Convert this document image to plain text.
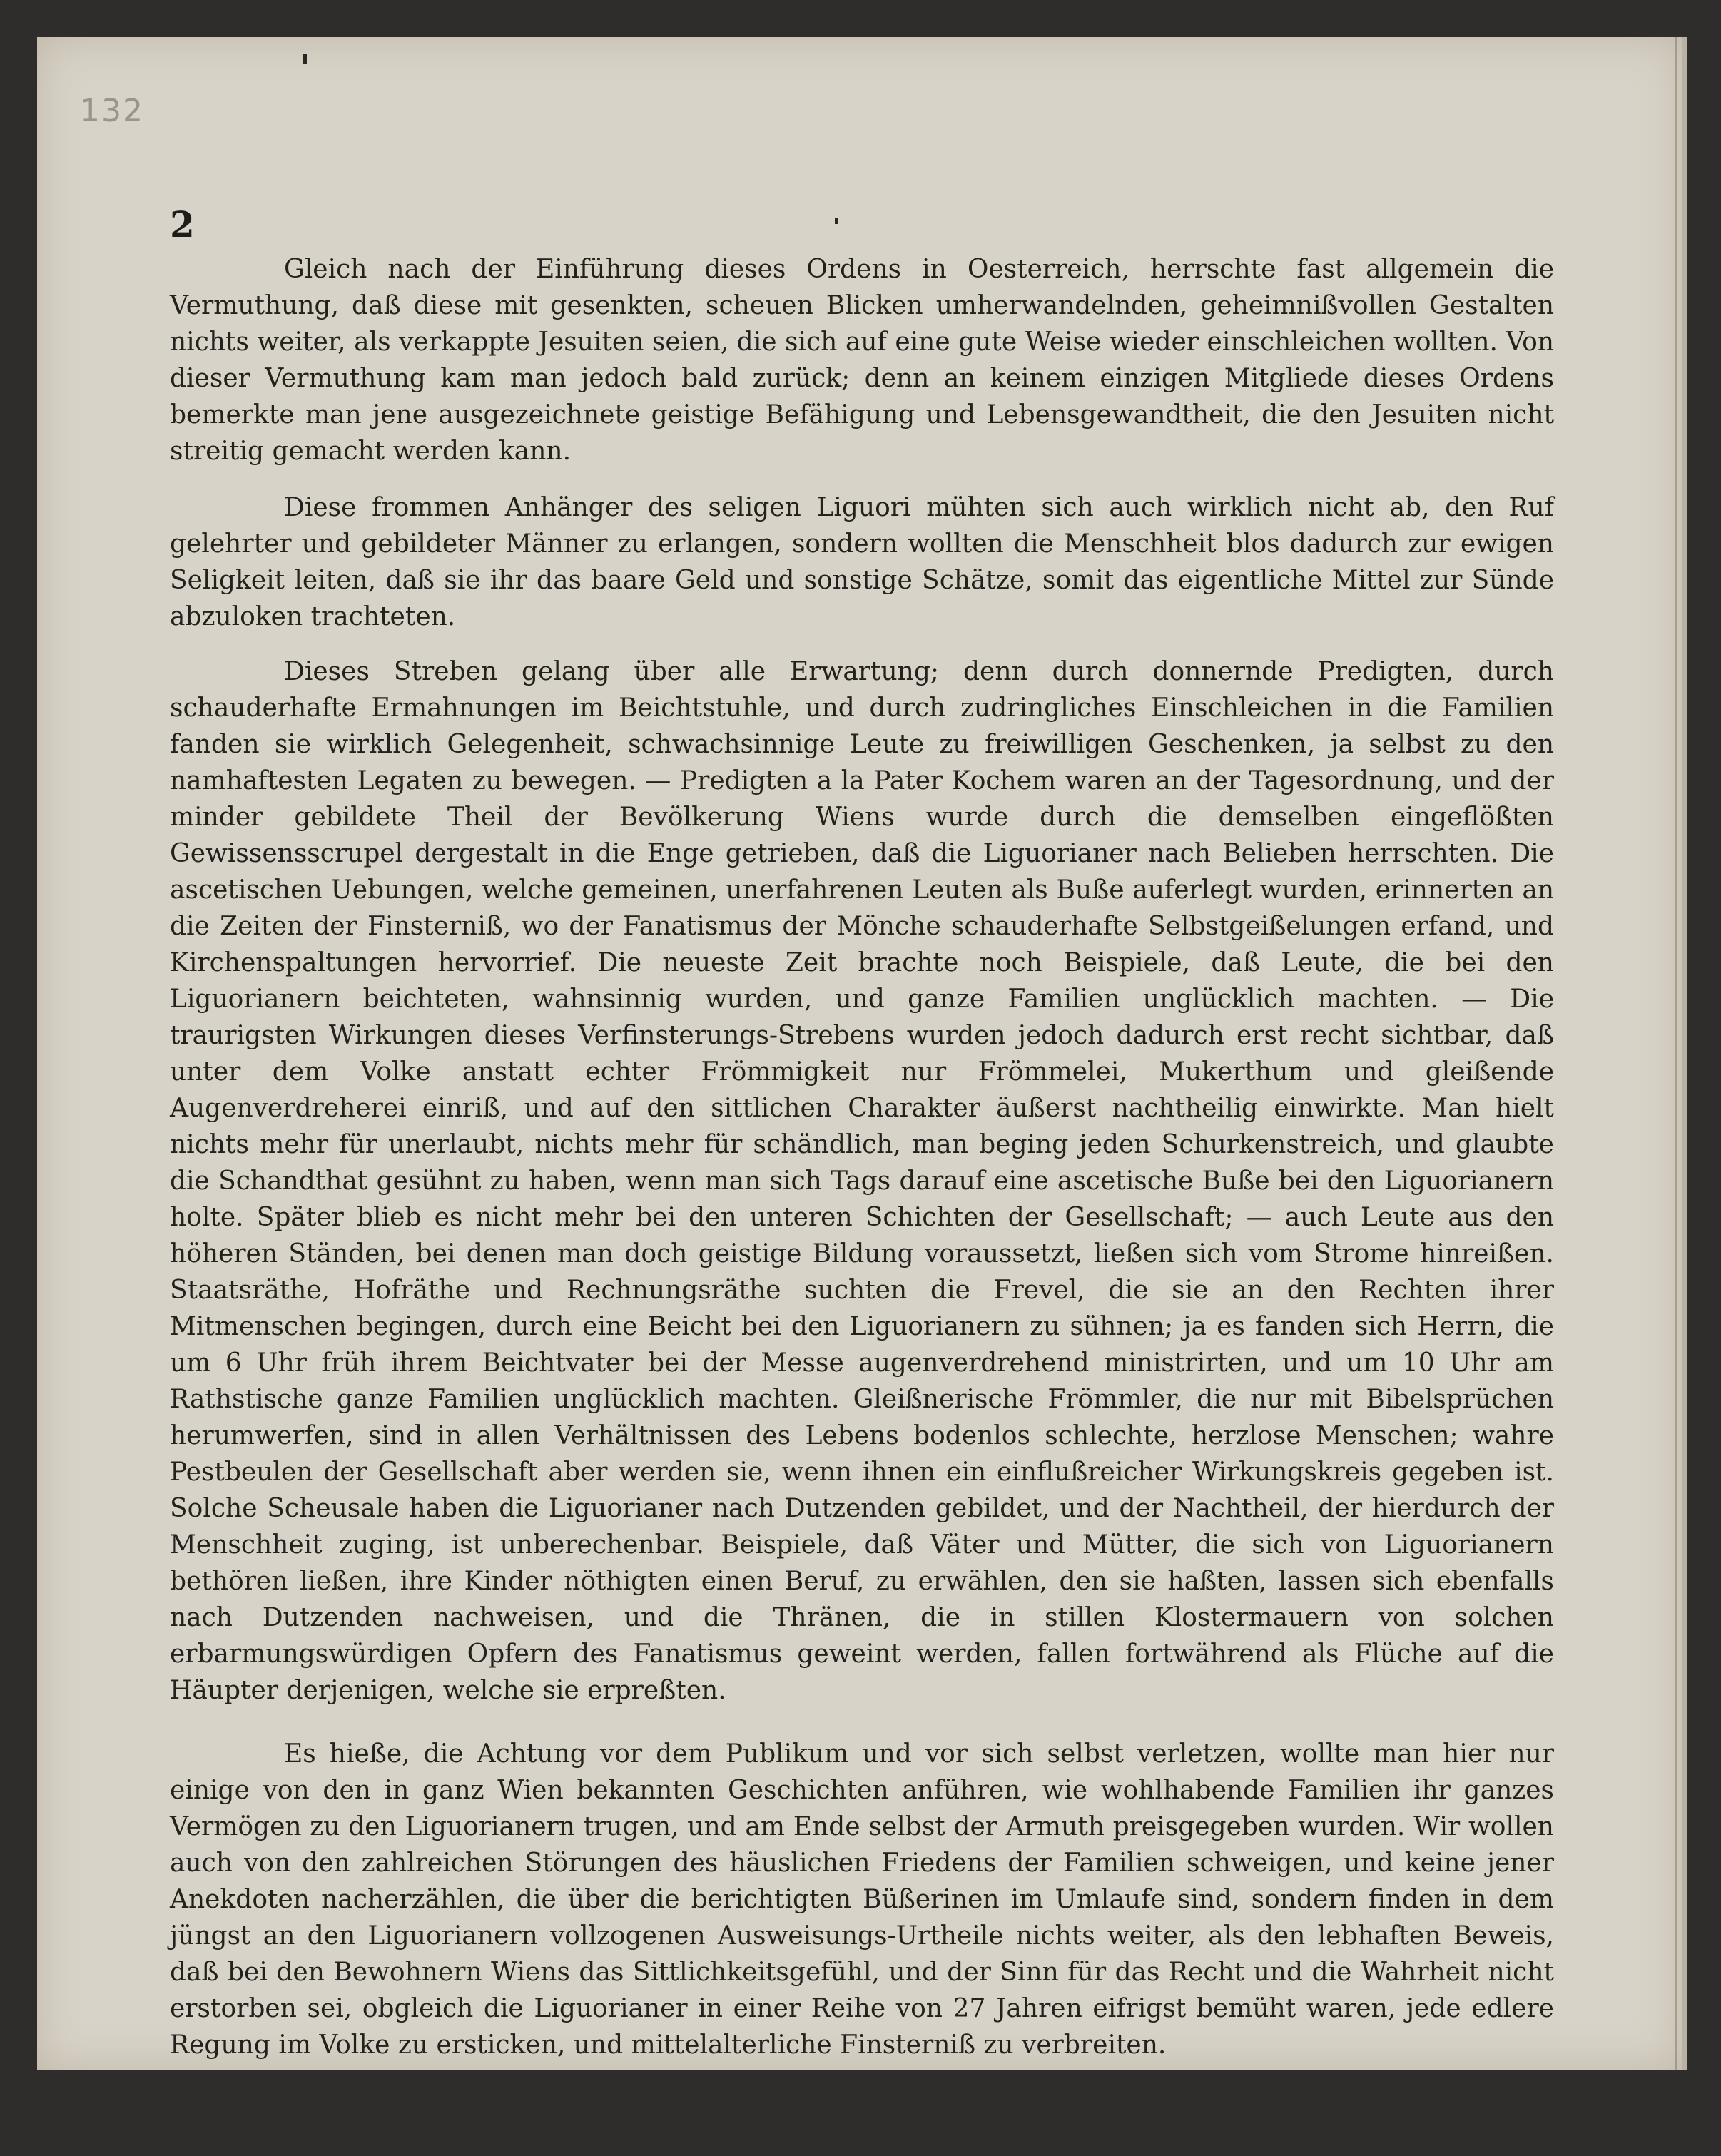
132
2

Gleich nach der Einführung dieses Ordens in Oesterreich, herrschte fast allgemein die Vermuthung, daß diese mit gesenkten, scheuen Blicken umherwandelnden, geheimnißvollen Gestalten nichts weiter, als verkappte Jesuiten seien, die sich auf eine gute Weise wieder einschleichen wollten. Von dieser Vermuthung kam man jedoch bald zurück; denn an keinem einzigen Mitgliede dieses Ordens bemerkte man jene ausgezeichnete geistige Befähigung und Lebensgewandtheit, die den Jesuiten nicht streitig gemacht werden kann.

Diese frommen Anhänger des seligen Liguori mühten sich auch wirklich nicht ab, den Ruf gelehrter und gebildeter Männer zu erlangen, sondern wollten die Menschheit blos dadurch zur ewigen Seligkeit leiten, daß sie ihr das baare Geld und sonstige Schätze, somit das eigentliche Mittel zur Sünde abzuloken trachteten.

Dieses Streben gelang über alle Erwartung; denn durch donnernde Predigten, durch schauderhafte Ermahnungen im Beichtstuhle, und durch zudringliches Einschleichen in die Familien fanden sie wirklich Gelegenheit, schwachsinnige Leute zu freiwilligen Geschenken, ja selbst zu den namhaftesten Legaten zu bewegen. — Predigten a la Pater Kochem waren an der Tagesordnung, und der minder gebildete Theil der Bevölkerung Wiens wurde durch die demselben eingeflößten Gewissensscrupel dergestalt in die Enge getrieben, daß die Liguorianer nach Belieben herrschten. Die ascetischen Uebungen, welche gemeinen, unerfahrenen Leuten als Buße auferlegt wurden, erinnerten an die Zeiten der Finsterniß, wo der Fanatismus der Mönche schauderhafte Selbstgeißelungen erfand, und Kirchenspaltungen hervorrief. Die neueste Zeit brachte noch Beispiele, daß Leute, die bei den Liguorianern beichteten, wahnsinnig wurden, und ganze Familien unglücklich machten. — Die traurigsten Wirkungen dieses Verfinsterungs-Strebens wurden jedoch dadurch erst recht sichtbar, daß unter dem Volke anstatt echter Frömmigkeit nur Frömmelei, Mukerthum und gleißende Augenverdreherei einriß, und auf den sittlichen Charakter äußerst nachtheilig einwirkte. Man hielt nichts mehr für unerlaubt, nichts mehr für schändlich, man beging jeden Schurkenstreich, und glaubte die Schandthat gesühnt zu haben, wenn man sich Tags darauf eine ascetische Buße bei den Liguorianern holte. Später blieb es nicht mehr bei den unteren Schichten der Gesellschaft; — auch Leute aus den höheren Ständen, bei denen man doch geistige Bildung voraussetzt, ließen sich vom Strome hinreißen. Staatsräthe, Hofräthe und Rechnungsräthe suchten die Frevel, die sie an den Rechten ihrer Mitmenschen begingen, durch eine Beicht bei den Liguorianern zu sühnen; ja es fanden sich Herrn, die um 6 Uhr früh ihrem Beichtvater bei der Messe augenverdrehend ministrirten, und um 10 Uhr am Rathstische ganze Familien unglücklich machten. Gleißnerische Frömmler, die nur mit Bibelsprüchen herumwerfen, sind in allen Verhältnissen des Lebens bodenlos schlechte, herzlose Menschen; wahre Pestbeulen der Gesellschaft aber werden sie, wenn ihnen ein einflußreicher Wirkungskreis gegeben ist. Solche Scheusale haben die Liguorianer nach Dutzenden gebildet, und der Nachtheil, der hierdurch der Menschheit zuging, ist unberechenbar. Beispiele, daß Väter und Mütter, die sich von Liguorianern bethören ließen, ihre Kinder nöthigten einen Beruf, zu erwählen, den sie haßten, lassen sich ebenfalls nach Dutzenden nachweisen, und die Thränen, die in stillen Klostermauern von solchen erbarmungswürdigen Opfern des Fanatismus geweint werden, fallen fortwährend als Flüche auf die Häupter derjenigen, welche sie erpreßten.

Es hieße, die Achtung vor dem Publikum und vor sich selbst verletzen, wollte man hier nur einige von den in ganz Wien bekannten Geschichten anführen, wie wohlhabende Familien ihr ganzes Vermögen zu den Liguorianern trugen, und am Ende selbst der Armuth preisgegeben wurden. Wir wollen auch von den zahlreichen Störungen des häuslichen Friedens der Familien schweigen, und keine jener Anekdoten nacherzählen, die über die berichtigten Büßerinen im Umlaufe sind, sondern finden in dem jüngst an den Liguorianern vollzogenen Ausweisungs-Urtheile nichts weiter, als den lebhaften Beweis, daß bei den Bewohnern Wiens das Sittlichkeitsgefühl, und der Sinn für das Recht und die Wahrheit nicht erstorben sei, obgleich die Liguorianer in einer Reihe von 27 Jahren eifrigst bemüht waren, jede edlere Regung im Volke zu ersticken, und mittelalterliche Finsterniß zu verbreiten.
